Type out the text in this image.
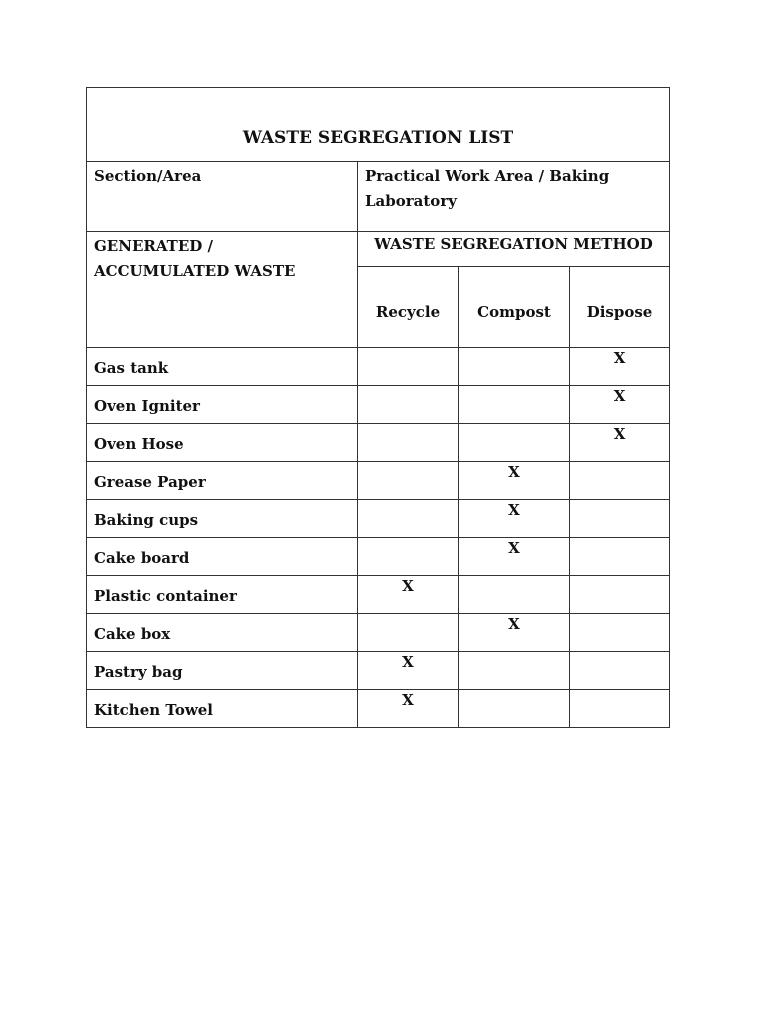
WASTE SEGREGATION LIST			
Section/Area	Practical Work Area / Baking Laboratory		
GENERATED / ACCUMULATED WASTE	WASTE SEGREGATION METHOD		
	Recycle	Compost	Dispose
Gas tank			X
Oven Igniter			X
Oven Hose			X
Grease Paper		X	
Baking cups		X	
Cake board		X	
Plastic container	X		
Cake box		X	
Pastry bag	X		
Kitchen Towel	X		
